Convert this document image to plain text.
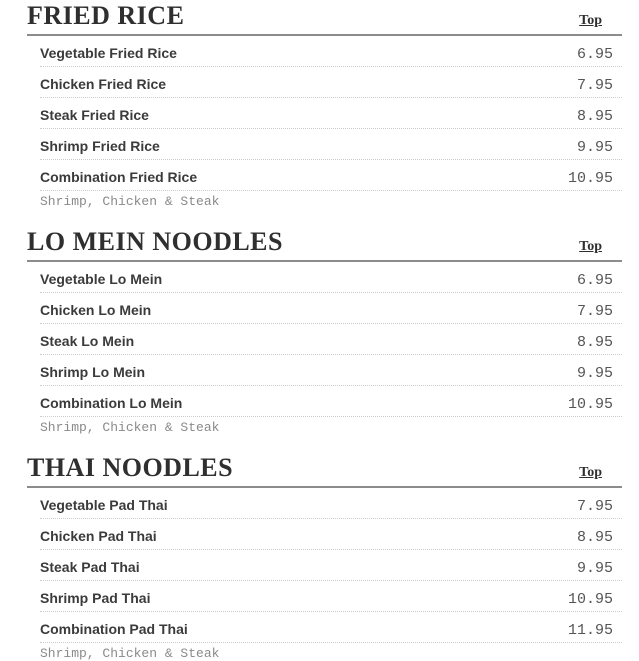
FRIED RICE	Top
Vegetable Fried Rice	6.95
Chicken Fried Rice	7.95
Steak Fried Rice	8.95
Shrimp Fried Rice	9.95
Combination Fried Rice	10.95
Shrimp, Chicken & Steak
LO MEIN NOODLES	Top
Vegetable Lo Mein	6.95
Chicken Lo Mein	7.95
Steak Lo Mein	8.95
Shrimp Lo Mein	9.95
Combination Lo Mein	10.95
Shrimp, Chicken & Steak
THAI NOODLES	Top
Vegetable Pad Thai	7.95
Chicken Pad Thai	8.95
Steak Pad Thai	9.95
Shrimp Pad Thai	10.95
Combination Pad Thai	11.95
Shrimp, Chicken & Steak
